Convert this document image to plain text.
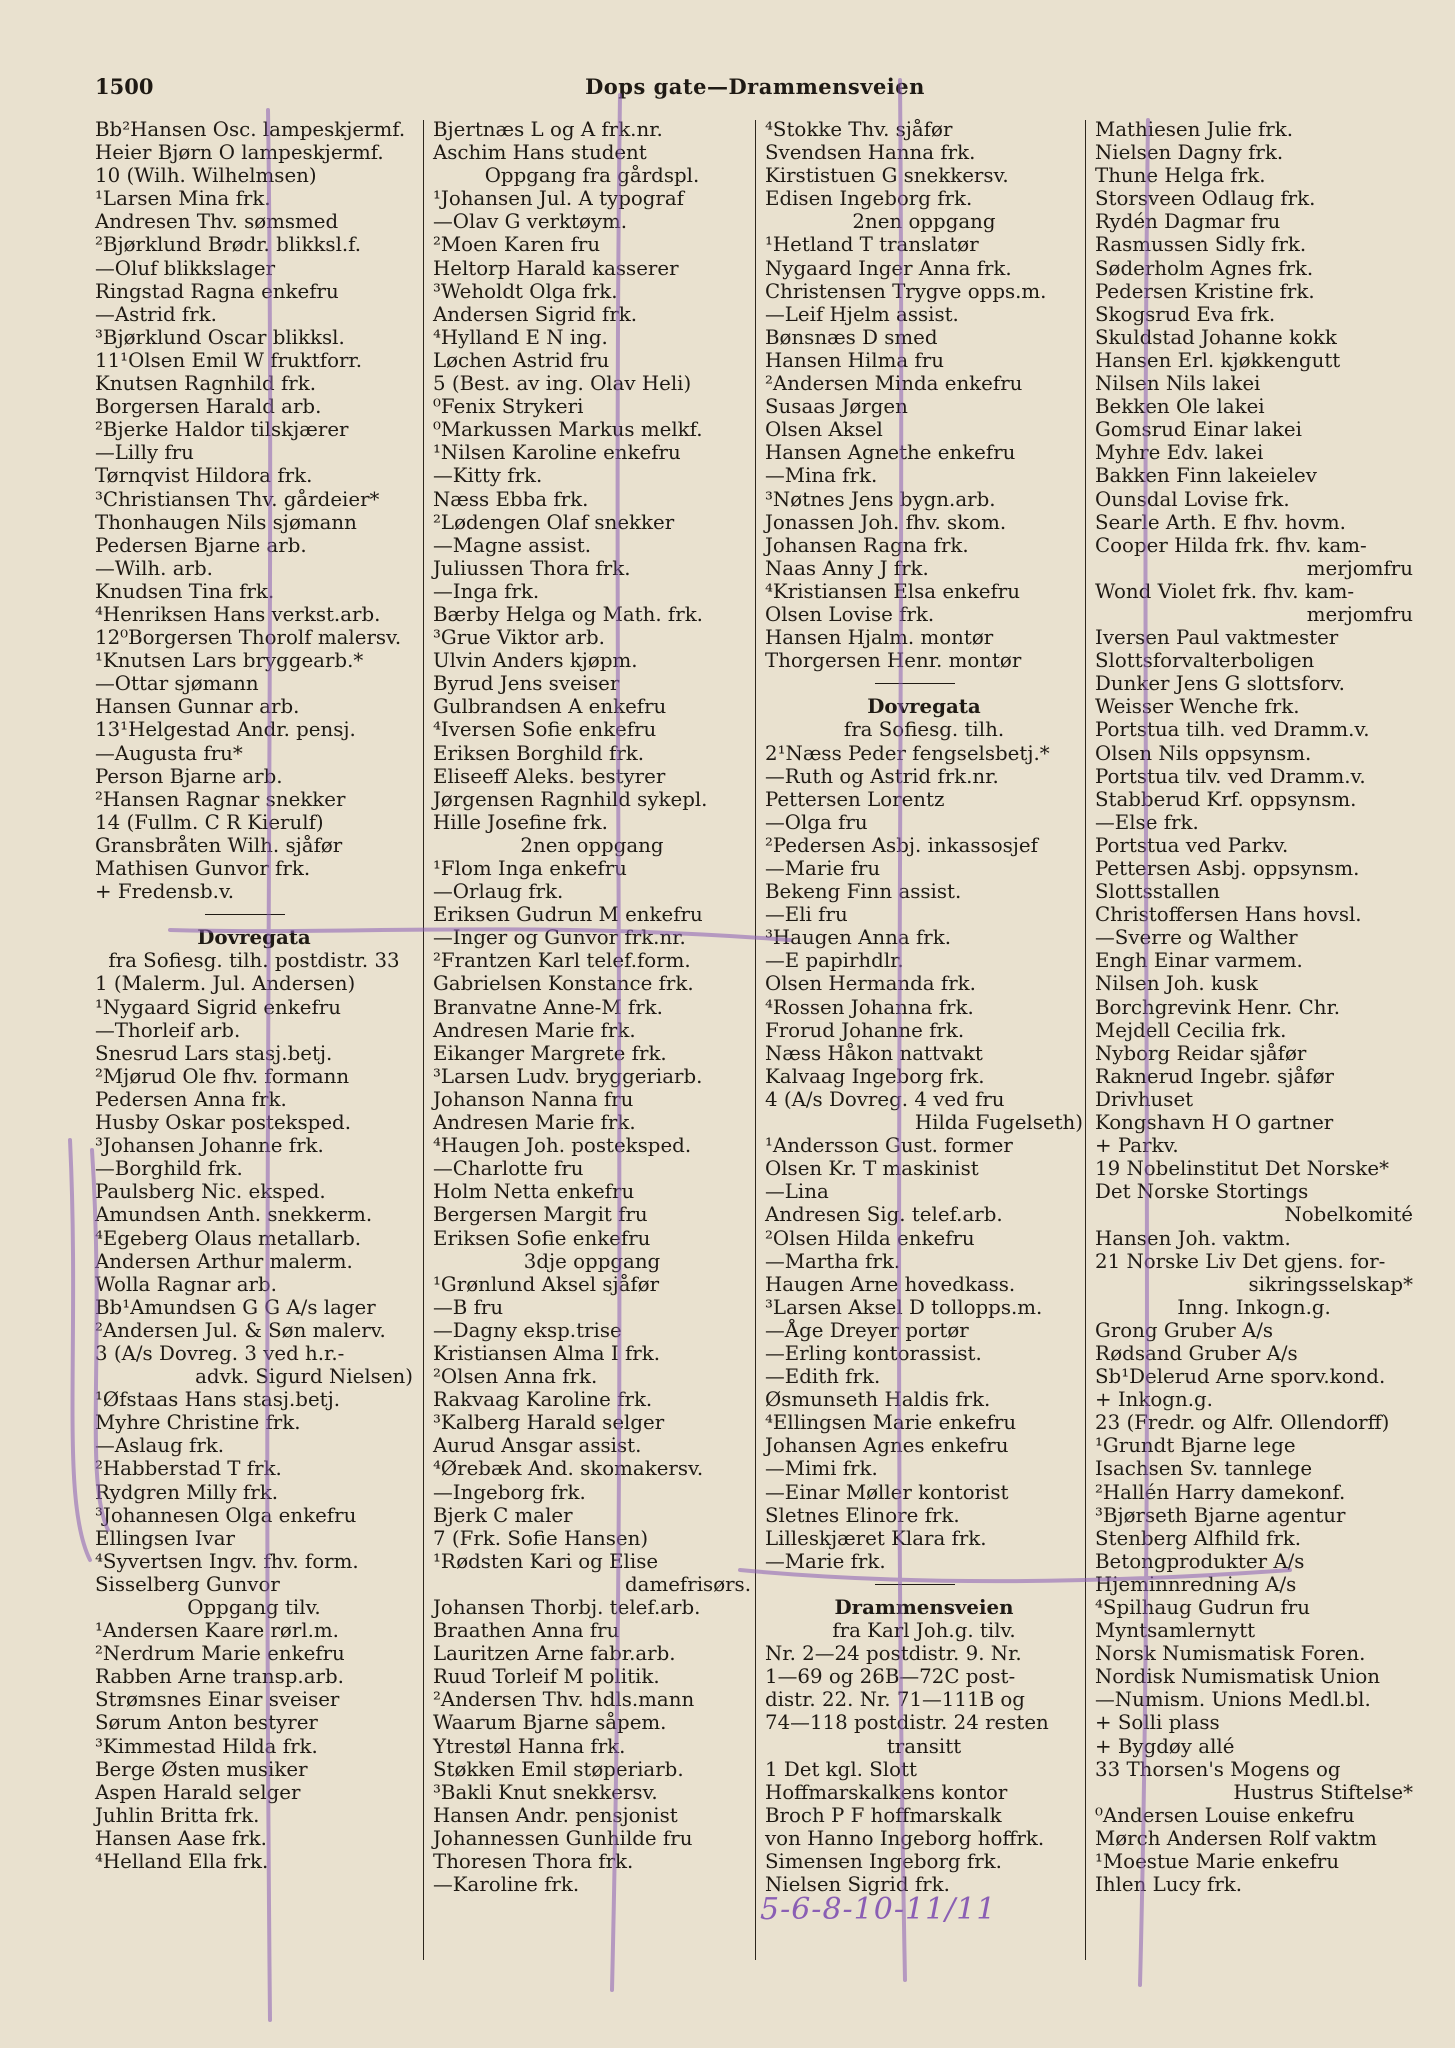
1500	Dops gate—Drammensveien
Bb²Hansen Osc. lampeskjermf.
Heier Bjørn O lampeskjermf.
10 (Wilh. Wilhelmsen)
¹Larsen Mina frk.
Andresen Thv. sømsmed
²Bjørklund Brødr. blikksl.f.
—Oluf blikkslager
Ringstad Ragna enkefru
—Astrid frk.
³Bjørklund Oscar blikksl.
11¹Olsen Emil W fruktforr.
Knutsen Ragnhild frk.
Borgersen Harald arb.
²Bjerke Haldor tilskjærer
—Lilly fru
Tørnqvist Hildora frk.
³Christiansen Thv. gårdeier*
Thonhaugen Nils sjømann
Pedersen Bjarne arb.
—Wilh. arb.
Knudsen Tina frk.
⁴Henriksen Hans verkst.arb.
12⁰Borgersen Thorolf malersv.
¹Knutsen Lars bryggearb.*
—Ottar sjømann
Hansen Gunnar arb.
13¹Helgestad Andr. pensj.
—Augusta fru*
Person Bjarne arb.
²Hansen Ragnar snekker
14 (Fullm. C R Kierulf)
Gransbråten Wilh. sjåfør
Mathisen Gunvor frk.
+ Fredensb.v.
Dovregata
fra Sofiesg. tilh. postdistr. 33
1 (Malerm. Jul. Andersen)
¹Nygaard Sigrid enkefru
—Thorleif arb.
Snesrud Lars stasj.betj.
²Mjørud Ole fhv. formann
Pedersen Anna frk.
Husby Oskar posteksped.
³Johansen Johanne frk.
—Borghild frk.
Paulsberg Nic. eksped.
Amundsen Anth. snekkerm.
⁴Egeberg Olaus metallarb.
Andersen Arthur malerm.
Wolla Ragnar arb.
Bb¹Amundsen G G A/s lager
²Andersen Jul. & Søn malerv.
3 (A/s Dovreg. 3 ved h.r.-
advk. Sigurd Nielsen)
¹Øfstaas Hans stasj.betj.
Myhre Christine frk.
—Aslaug frk.
²Habberstad T frk.
Rydgren Milly frk.
³Johannesen Olga enkefru
Ellingsen Ivar
⁴Syvertsen Ingv. fhv. form.
Sisselberg Gunvor
Oppgang tilv.
¹Andersen Kaare rørl.m.
²Nerdrum Marie enkefru
Rabben Arne transp.arb.
Strømsnes Einar sveiser
Sørum Anton bestyrer
³Kimmestad Hilda frk.
Berge Østen musiker
Aspen Harald selger
Juhlin Britta frk.
Hansen Aase frk.
⁴Helland Ella frk.
Bjertnæs L og A frk.nr.
Aschim Hans student
Oppgang fra gårdspl.
¹Johansen Jul. A typograf
—Olav G verktøym.
²Moen Karen fru
Heltorp Harald kasserer
³Weholdt Olga frk.
Andersen Sigrid frk.
⁴Hylland E N ing.
Løchen Astrid fru
5 (Best. av ing. Olav Heli)
⁰Fenix Strykeri
⁰Markussen Markus melkf.
¹Nilsen Karoline enkefru
—Kitty frk.
Næss Ebba frk.
²Lødengen Olaf snekker
—Magne assist.
Juliussen Thora frk.
—Inga frk.
Bærby Helga og Math. frk.
³Grue Viktor arb.
Ulvin Anders kjøpm.
Byrud Jens sveiser
Gulbrandsen A enkefru
⁴Iversen Sofie enkefru
Eriksen Borghild frk.
Eliseeff Aleks. bestyrer
Jørgensen Ragnhild sykepl.
Hille Josefine frk.
2nen oppgang
¹Flom Inga enkefru
—Orlaug frk.
Eriksen Gudrun M enkefru
—Inger og Gunvor frk.nr.
²Frantzen Karl telef.form.
Gabrielsen Konstance frk.
Branvatne Anne-M frk.
Andresen Marie frk.
Eikanger Margrete frk.
³Larsen Ludv. bryggeriarb.
Johanson Nanna fru
Andresen Marie frk.
⁴Haugen Joh. posteksped.
—Charlotte fru
Holm Netta enkefru
Bergersen Margit fru
Eriksen Sofie enkefru
3dje oppgang
¹Grønlund Aksel sjåfør
—B fru
—Dagny eksp.trise
Kristiansen Alma I frk.
²Olsen Anna frk.
Rakvaag Karoline frk.
³Kalberg Harald selger
Aurud Ansgar assist.
⁴Ørebæk And. skomakersv.
—Ingeborg frk.
Bjerk C maler
7 (Frk. Sofie Hansen)
¹Rødsten Kari og Elise
damefrisørs.
Johansen Thorbj. telef.arb.
Braathen Anna fru
Lauritzen Arne fabr.arb.
Ruud Torleif M politik.
²Andersen Thv. hdls.mann
Waarum Bjarne såpem.
Ytrestøl Hanna frk.
Støkken Emil støperiarb.
³Bakli Knut snekkersv.
Hansen Andr. pensjonist
Johannessen Gunhilde fru
Thoresen Thora frk.
—Karoline frk.
⁴Stokke Thv. sjåfør
Svendsen Hanna frk.
Kirstistuen G snekkersv.
Edisen Ingeborg frk.
2nen oppgang
¹Hetland T translatør
Nygaard Inger Anna frk.
Christensen Trygve opps.m.
—Leif Hjelm assist.
Bønsnæs D smed
Hansen Hilma fru
²Andersen Minda enkefru
Susaas Jørgen
Olsen Aksel
Hansen Agnethe enkefru
—Mina frk.
³Nøtnes Jens bygn.arb.
Jonassen Joh. fhv. skom.
Johansen Ragna frk.
Naas Anny J frk.
⁴Kristiansen Elsa enkefru
Olsen Lovise frk.
Hansen Hjalm. montør
Thorgersen Henr. montør
Dovregata
fra Sofiesg. tilh.
2¹Næss Peder fengselsbetj.*
—Ruth og Astrid frk.nr.
Pettersen Lorentz
—Olga fru
²Pedersen Asbj. inkassosjef
—Marie fru
Bekeng Finn assist.
—Eli fru
³Haugen Anna frk.
—E papirhdlr.
Olsen Hermanda frk.
⁴Rossen Johanna frk.
Frorud Johanne frk.
Næss Håkon nattvakt
Kalvaag Ingeborg frk.
4 (A/s Dovreg. 4 ved fru
Hilda Fugelseth)
¹Andersson Gust. former
Olsen Kr. T maskinist
—Lina
Andresen Sig. telef.arb.
²Olsen Hilda enkefru
—Martha frk.
Haugen Arne hovedkass.
³Larsen Aksel D tollopps.m.
—Åge Dreyer portør
—Erling kontorassist.
—Edith frk.
Øsmunseth Haldis frk.
⁴Ellingsen Marie enkefru
Johansen Agnes enkefru
—Mimi frk.
—Einar Møller kontorist
Sletnes Elinore frk.
Lilleskjæret Klara frk.
—Marie frk.
Drammensveien
fra Karl Joh.g. tilv.
Nr. 2—24 postdistr. 9. Nr.
1—69 og 26B—72C post-
distr. 22. Nr. 71—111B og
74—118 postdistr. 24 resten
transitt
1 Det kgl. Slott
Hoffmarskalkens kontor
Broch P F hoffmarskalk
von Hanno Ingeborg hoffrk.
Simensen Ingeborg frk.
Nielsen Sigrid frk.
Mathiesen Julie frk.
Nielsen Dagny frk.
Thune Helga frk.
Storsveen Odlaug frk.
Rydén Dagmar fru
Rasmussen Sidly frk.
Søderholm Agnes frk.
Pedersen Kristine frk.
Skogsrud Eva frk.
Skuldstad Johanne kokk
Hansen Erl. kjøkkengutt
Nilsen Nils lakei
Bekken Ole lakei
Gomsrud Einar lakei
Myhre Edv. lakei
Bakken Finn lakeielev
Ounsdal Lovise frk.
Searle Arth. E fhv. hovm.
Cooper Hilda frk. fhv. kam-
merjomfru
Wond Violet frk. fhv. kam-
merjomfru
Iversen Paul vaktmester
Slottsforvalterboligen
Dunker Jens G slottsforv.
Weisser Wenche frk.
Portstua tilh. ved Dramm.v.
Olsen Nils oppsynsm.
Portstua tilv. ved Dramm.v.
Stabberud Krf. oppsynsm.
—Else frk.
Portstua ved Parkv.
Pettersen Asbj. oppsynsm.
Slottsstallen
Christoffersen Hans hovsl.
—Sverre og Walther
Engh Einar varmem.
Nilsen Joh. kusk
Borchgrevink Henr. Chr.
Mejdell Cecilia frk.
Nyborg Reidar sjåfør
Raknerud Ingebr. sjåfør
Drivhuset
Kongshavn H O gartner
+ Parkv.
19 Nobelinstitut Det Norske*
Det Norske Stortings
Nobelkomité
Hansen Joh. vaktm.
21 Norske Liv Det gjens. for-
sikringsselskap*
Inng. Inkogn.g.
Grong Gruber A/s
Rødsand Gruber A/s
Sb¹Delerud Arne sporv.kond.
+ Inkogn.g.
23 (Fredr. og Alfr. Ollendorff)
¹Grundt Bjarne lege
Isachsen Sv. tannlege
²Hallén Harry damekonf.
³Bjørseth Bjarne agentur
Stenberg Alfhild frk.
Betongprodukter A/s
Hjeminnredning A/s
⁴Spilhaug Gudrun fru
Myntsamlernytt
Norsk Numismatisk Foren.
Nordisk Numismatisk Union
—Numism. Unions Medl.bl.
+ Solli plass
+ Bygdøy allé
33 Thorsen's Mogens og
Hustrus Stiftelse*
⁰Andersen Louise enkefru
Mørch Andersen Rolf vaktm
¹Moestue Marie enkefru
Ihlen Lucy frk.
5-6-8-10-11/11
